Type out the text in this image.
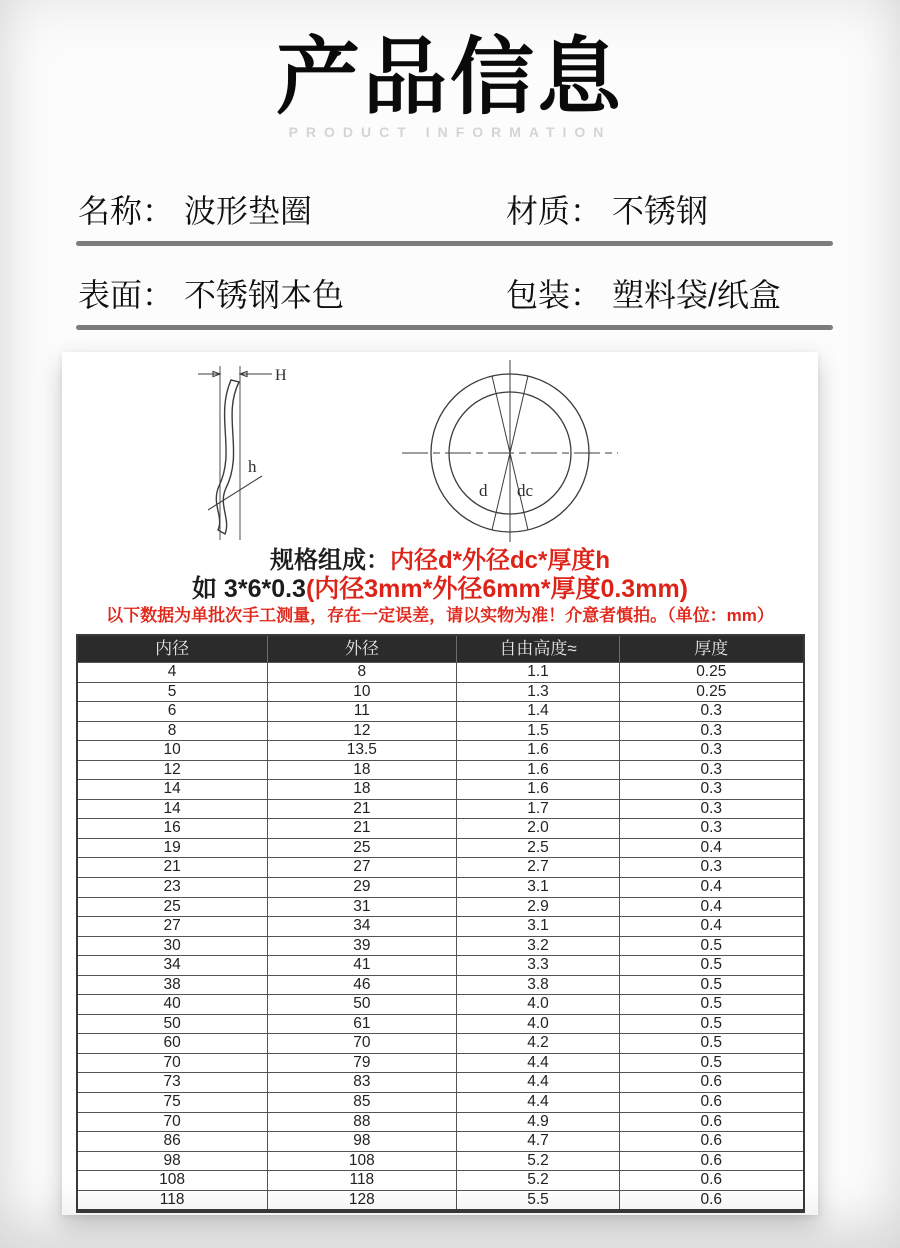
产品信息
PRODUCT INFORMATION
名称： 波形垫圈	材质： 不锈钢
表面： 不锈钢本色	包装： 塑料袋/纸盒
h
d dc
H
规格组成：内径d*外径dc*厚度h
如 3*6*0.3(内径3mm*外径6mm*厚度0.3mm)
以下数据为单批次手工测量，存在一定误差，请以实物为准！介意者慎拍。（单位：mm）
内径	外径	自由高度≈	厚度
4	8	1.1	0.25
5	10	1.3	0.25
6	11	1.4	0.3
8	12	1.5	0.3
10	13.5	1.6	0.3
12	18	1.6	0.3
14	18	1.6	0.3
14	21	1.7	0.3
16	21	2.0	0.3
19	25	2.5	0.4
21	27	2.7	0.3
23	29	3.1	0.4
25	31	2.9	0.4
27	34	3.1	0.4
30	39	3.2	0.5
34	41	3.3	0.5
38	46	3.8	0.5
40	50	4.0	0.5
50	61	4.0	0.5
60	70	4.2	0.5
70	79	4.4	0.5
73	83	4.4	0.6
75	85	4.4	0.6
70	88	4.9	0.6
86	98	4.7	0.6
98	108	5.2	0.6
108	118	5.2	0.6
118	128	5.5	0.6
